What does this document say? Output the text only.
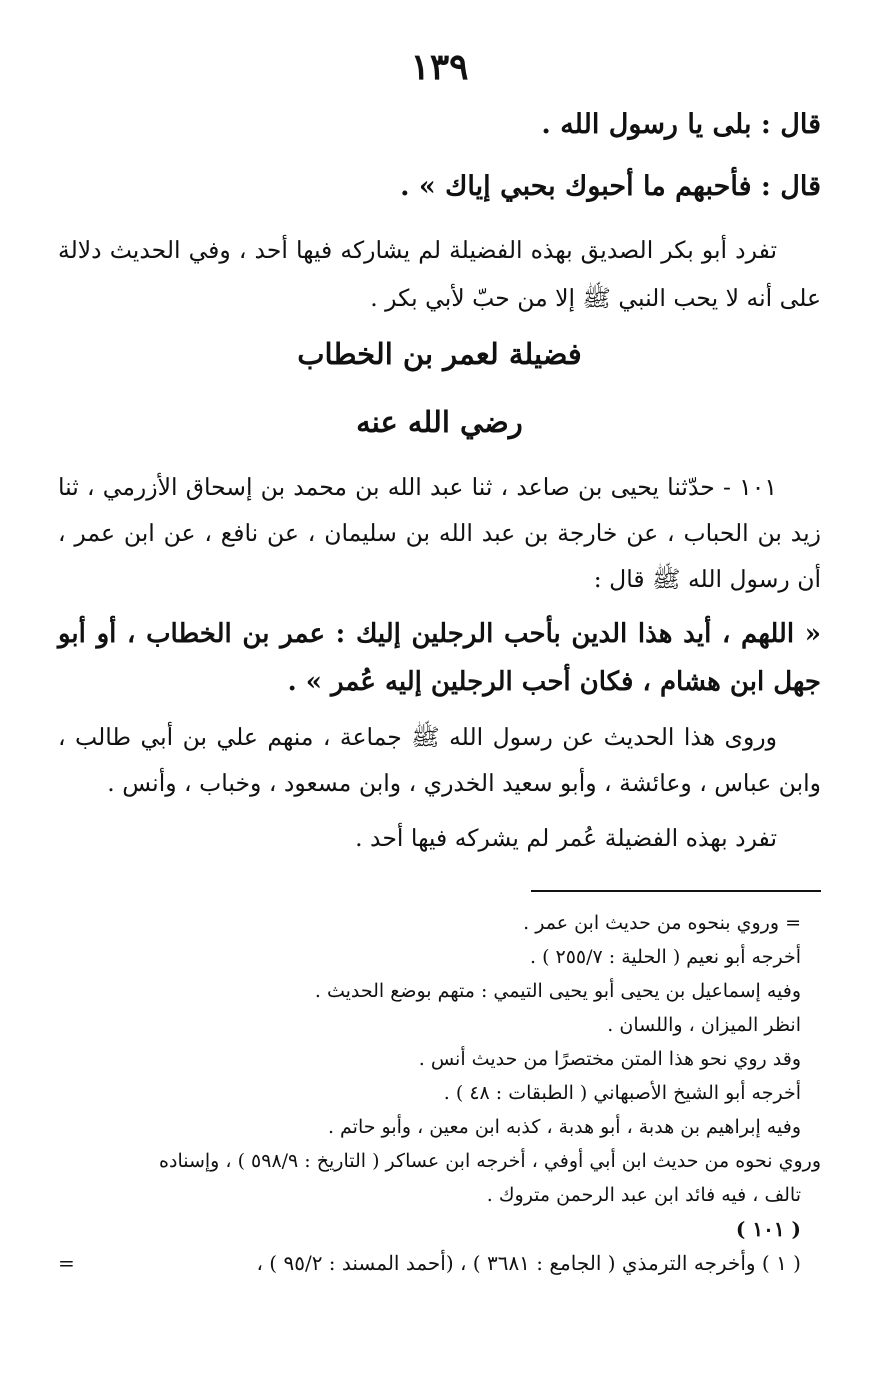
١٣٩

قال : بلى يا رسول الله .

قال : فأحبهم ما أحبوك بحبي إياك » .

تفرد أبو بكر الصديق بهذه الفضيلة لم يشاركه فيها أحد ، وفي الحديث دلالة على أنه لا يحب النبي ﷺ إلا من حبّ لأبي بكر .

فضيلة لعمر بن الخطاب
رضي الله عنه

١٠١ - حدّثنا يحيى بن صاعد ، ثنا عبد الله بن محمد بن إسحاق الأزرمي ، ثنا زيد بن الحباب ، عن خارجة بن عبد الله بن سليمان ، عن نافع ، عن ابن عمر ، أن رسول الله ﷺ قال :

« اللهم ، أيد هذا الدين بأحب الرجلين إليك : عمر بن الخطاب ، أو أبو جهل ابن هشام ، فكان أحب الرجلين إليه عُمر » .

وروى هذا الحديث عن رسول الله ﷺ جماعة ، منهم علي بن أبي طالب ، وابن عباس ، وعائشة ، وأبو سعيد الخدري ، وابن مسعود ، وخباب ، وأنس .

تفرد بهذه الفضيلة عُمر لم يشركه فيها أحد .

= وروي بنحوه من حديث ابن عمر .
أخرجه أبو نعيم ( الحلية : ٢٥٥/٧ ) .
وفيه إسماعيل بن يحيى أبو يحيى التيمي : متهم بوضع الحديث .
انظر الميزان ، واللسان .
وقد روي نحو هذا المتن مختصرًا من حديث أنس .
أخرجه أبو الشيخ الأصبهاني ( الطبقات : ٤٨ ) .
وفيه إبراهيم بن هدبة ، أبو هدبة ، كذبه ابن معين ، وأبو حاتم .
وروي نحوه من حديث ابن أبي أوفي ، أخرجه ابن عساكر ( التاريخ : ٥٩٨/٩ ) ، وإسناده
تالف ، فيه فائد ابن عبد الرحمن متروك .

( ١٠١ )

( ١ ) وأخرجه الترمذي ( الجامع : ٣٦٨١ ) ، (أحمد المسند : ٩٥/٢ ) ،
=
